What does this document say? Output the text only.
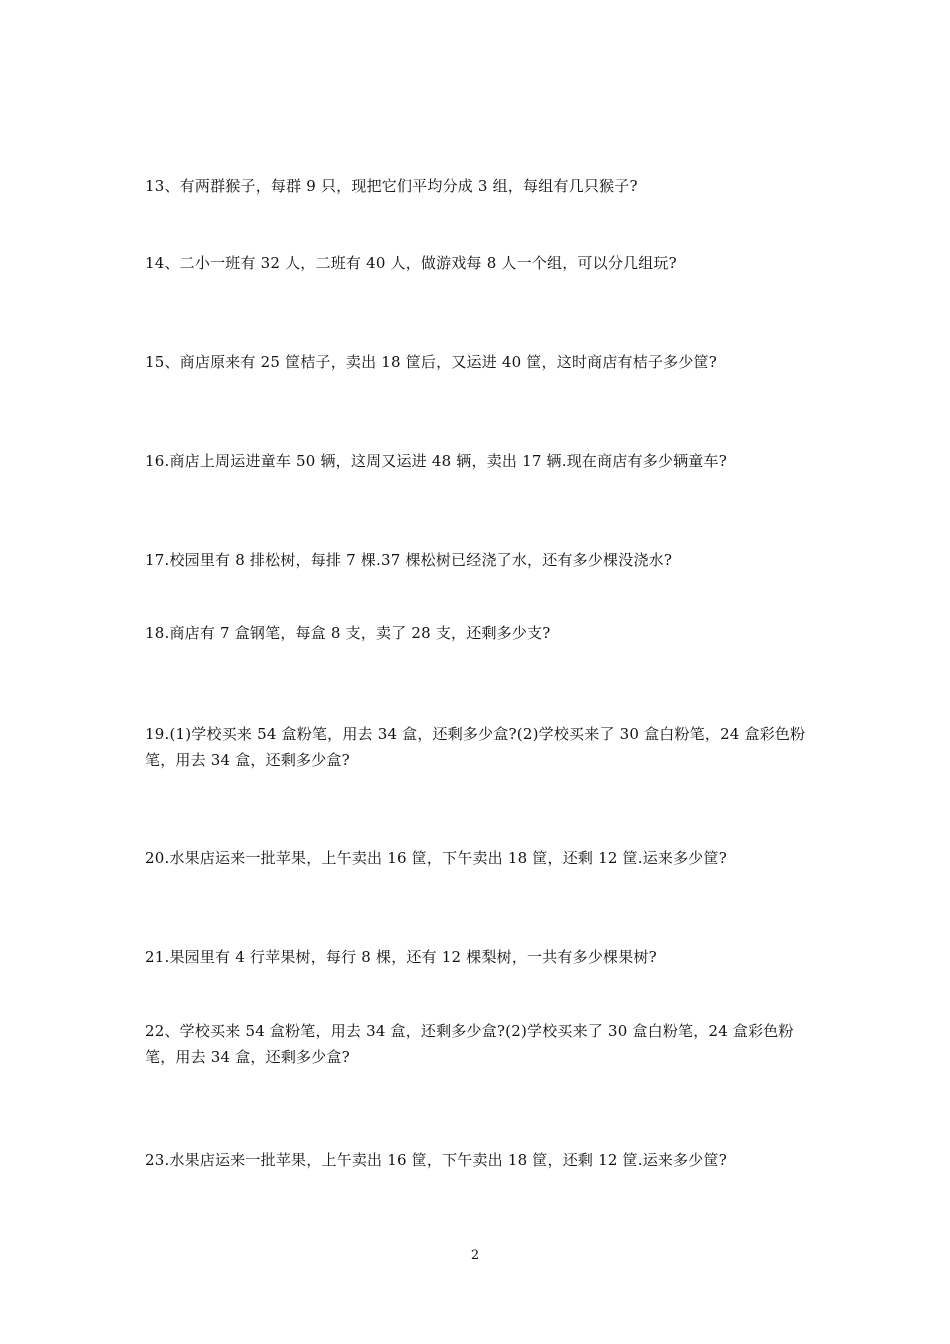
13、有两群猴子，每群 9 只，现把它们平均分成 3 组，每组有几只猴子?
14、二小一班有 32 人，二班有 40 人，做游戏每 8 人一个组，可以分几组玩?
15、商店原来有 25 筐桔子，卖出 18 筐后，又运进 40 筐，这时商店有桔子多少筐?
16.商店上周运进童车 50 辆，这周又运进 48 辆，卖出 17 辆.现在商店有多少辆童车?
17.校园里有 8 排松树，每排 7 棵.37 棵松树已经浇了水，还有多少棵没浇水?
18.商店有 7 盒钢笔，每盒 8 支，卖了 28 支，还剩多少支?
19.(1)学校买来 54 盒粉笔，用去 34 盒，还剩多少盒?(2)学校买来了 30 盒白粉笔，24 盒彩色粉笔，用去 34 盒，还剩多少盒?
20.水果店运来一批苹果，上午卖出 16 筐，下午卖出 18 筐，还剩 12 筐.运来多少筐?
21.果园里有 4 行苹果树，每行 8 棵，还有 12 棵梨树，一共有多少棵果树?
22、学校买来 54 盒粉笔，用去 34 盒，还剩多少盒?(2)学校买来了 30 盒白粉笔，24 盒彩色粉笔，用去 34 盒，还剩多少盒?
23.水果店运来一批苹果，上午卖出 16 筐，下午卖出 18 筐，还剩 12 筐.运来多少筐?
2
